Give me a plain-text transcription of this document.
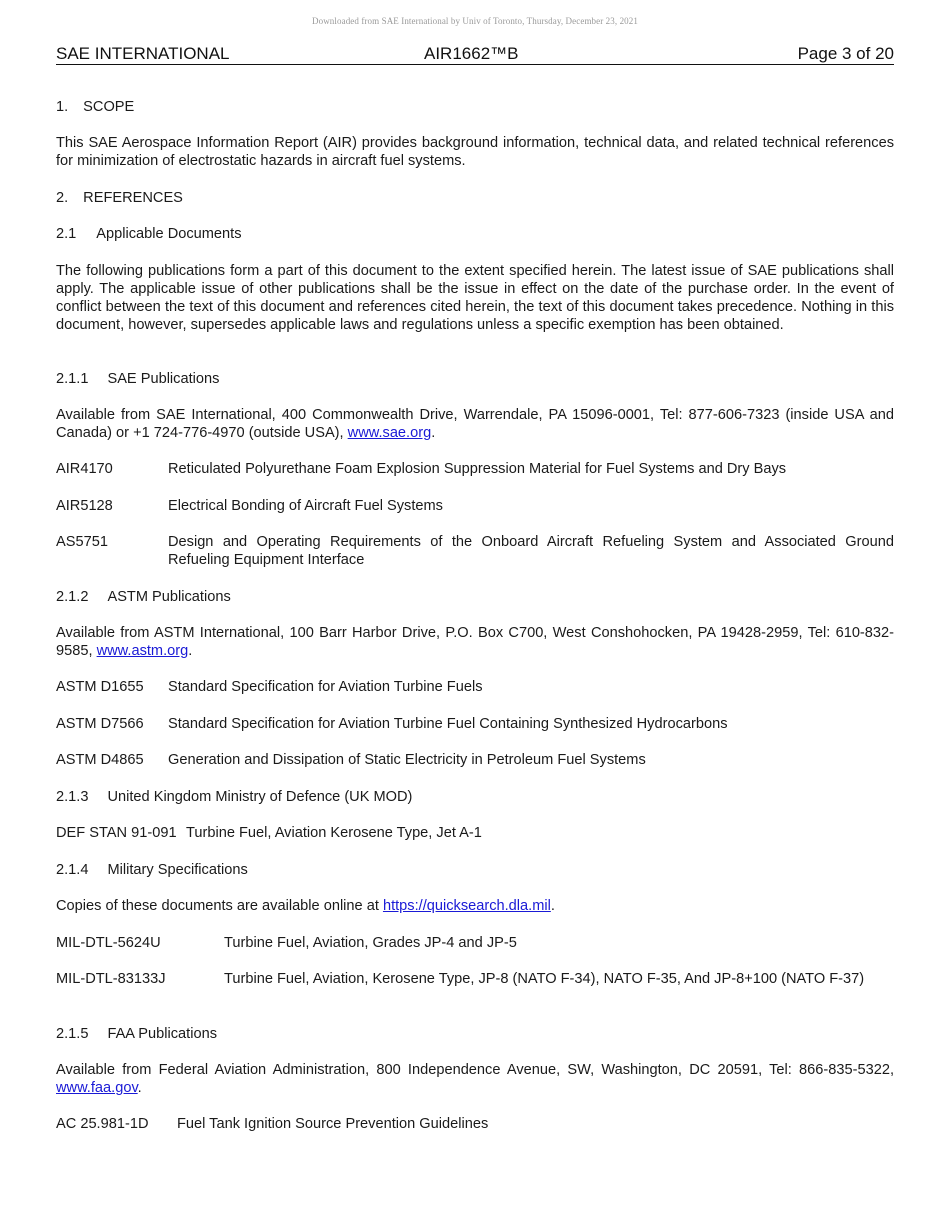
Downloaded from SAE International by Univ of Toronto, Thursday, December 23, 2021
SAE INTERNATIONAL	AIR1662™B	Page 3 of 20
1. SCOPE
This SAE Aerospace Information Report (AIR) provides background information, technical data, and related technical references for minimization of electrostatic hazards in aircraft fuel systems.
2. REFERENCES
2.1 Applicable Documents
The following publications form a part of this document to the extent specified herein. The latest issue of SAE publications shall apply. The applicable issue of other publications shall be the issue in effect on the date of the purchase order. In the event of conflict between the text of this document and references cited herein, the text of this document takes precedence. Nothing in this document, however, supersedes applicable laws and regulations unless a specific exemption has been obtained.
2.1.1 SAE Publications
Available from SAE International, 400 Commonwealth Drive, Warrendale, PA 15096-0001, Tel: 877-606-7323 (inside USA and Canada) or +1 724-776-4970 (outside USA), www.sae.org.
AIR4170	Reticulated Polyurethane Foam Explosion Suppression Material for Fuel Systems and Dry Bays
AIR5128	Electrical Bonding of Aircraft Fuel Systems
AS5751	Design and Operating Requirements of the Onboard Aircraft Refueling System and Associated Ground Refueling Equipment Interface
2.1.2 ASTM Publications
Available from ASTM International, 100 Barr Harbor Drive, P.O. Box C700, West Conshohocken, PA 19428-2959, Tel: 610-832-9585, www.astm.org.
ASTM D1655 Standard Specification for Aviation Turbine Fuels
ASTM D7566 Standard Specification for Aviation Turbine Fuel Containing Synthesized Hydrocarbons
ASTM D4865 Generation and Dissipation of Static Electricity in Petroleum Fuel Systems
2.1.3 United Kingdom Ministry of Defence (UK MOD)
DEF STAN 91-091 Turbine Fuel, Aviation Kerosene Type, Jet A-1
2.1.4 Military Specifications
Copies of these documents are available online at https://quicksearch.dla.mil.
MIL-DTL-5624U	Turbine Fuel, Aviation, Grades JP-4 and JP-5
MIL-DTL-83133J	Turbine Fuel, Aviation, Kerosene Type, JP-8 (NATO F-34), NATO F-35, And JP-8+100 (NATO F-37)
2.1.5 FAA Publications
Available from Federal Aviation Administration, 800 Independence Avenue, SW, Washington, DC 20591, Tel: 866-835-5322, www.faa.gov.
AC 25.981-1D Fuel Tank Ignition Source Prevention Guidelines
